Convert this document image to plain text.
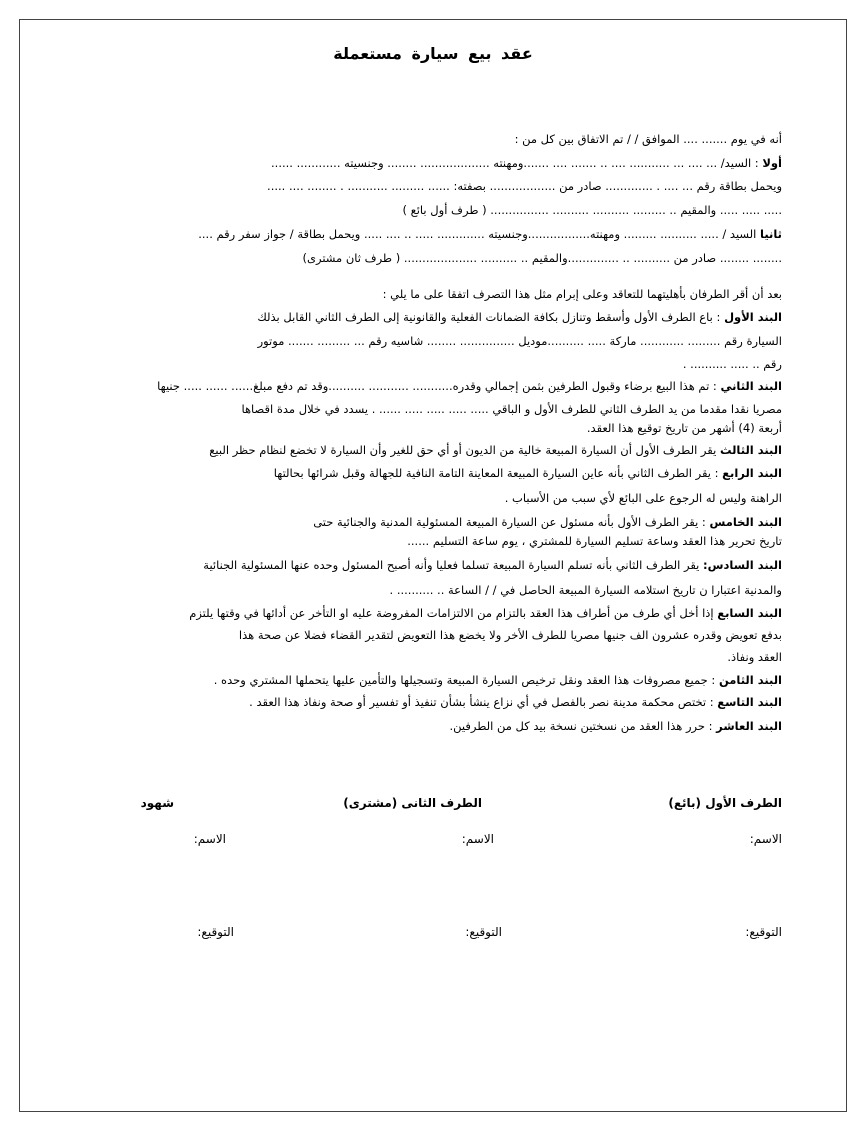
عقد بيع سيارة مستعملة
أنه في يوم ....... .... الموافق / / تم الاتفاق بين كل من :
أولا : السيد/ ... .... ... ........... .... .. ....... .... .......ومهنته ................... ........ وجنسيته ............ ......
ويحمل بطاقة رقم ... .... . ............. صادر من .................. بصفته: ...... ......... ........... . ........ .... .....
..... ..... ..... والمقيم .. ......... .......... .......... ................ ( طرف أول بائع )
ثانيا السيد / ..... .......... ......... ومهنته.................وجنسيته ............. ..... .. .... ..... ويحمل بطاقة / جواز سفر رقم ....
........ ........ صادر من .......... .. ..............والمقيم .. .......... .................... ( طرف ثان مشترى)
بعد أن أقر الطرفان بأهليتهما للتعاقد وعلى إبرام مثل هذا التصرف اتفقا على ما يلي :
البند الأول : باع الطرف الأول وأسقط وتنازل بكافة الضمانات الفعلية والقانونية إلى الطرف الثاني القابل بذلك
السيارة رقم ......... ............ ماركة ..... ..........موديل ............... ........ شاسيه رقم ... ......... ....... موتور
رقم .. ..... .......... .
البند الثاني : تم هذا البيع برضاء وقبول الطرفين بثمن إجمالي وقدره........... ........... ..........وقد تم دفع مبلغ...... ...... ..... جنيها
مصريا نقدا مقدما من يد الطرف الثاني للطرف الأول و الباقي ..... ..... ..... ..... ...... . يسدد في خلال مدة اقصاها
أربعة (4) أشهر من تاريخ توقيع هذا العقد.
البند الثالث يقر الطرف الأول أن السيارة المبيعة خالية من الديون أو أي حق للغير وأن السيارة لا تخضع لنظام حظر البيع
البند الرابع : يقر الطرف الثاني بأنه عاين السيارة المبيعة المعاينة التامة النافية للجهالة وقبل شرائها بحالتها
الراهنة وليس له الرجوع على البائع لأي سبب من الأسباب .
البند الخامس : يقر الطرف الأول بأنه مسئول عن السيارة المبيعة المسئولية المدنية والجنائية حتى
تاريخ تحرير هذا العقد وساعة تسليم السيارة للمشتري ، يوم ساعة التسليم ......
البند السادس: يقر الطرف الثاني بأنه تسلم السيارة المبيعة تسلما فعليا وأنه أصبح المسئول وحده عنها المسئولية الجنائية
والمدنية اعتبارا ن تاريخ استلامه السيارة المبيعة الحاصل في / / الساعة .. .......... .
البند السابع إذا أخل أي طرف من أطراف هذا العقد بالتزام من الالتزامات المفروضة عليه او التأخر عن أدائها في وقتها يلتزم
بدفع تعويض وقدره عشرون الف جنيها مصريا للطرف الأخر ولا يخضع هذا التعويض لتقدير القضاء فضلا عن صحة هذا
العقد ونفاذ.
البند الثامن : جميع مصروفات هذا العقد ونقل ترخيص السيارة المبيعة وتسجيلها والتأمين عليها يتحملها المشتري وحده .
البند التاسع : تختص محكمة مدينة نصر بالفصل في أي نزاع ينشأ بشأن تنفيذ أو تفسير أو صحة ونفاذ هذا العقد .
البند العاشر : حرر هذا العقد من نسختين نسخة بيد كل من الطرفين.
الطرف الأول (بائع)
الطرف الثانى (مشترى)
شهود
الاسم:
الاسم:
الاسم:
التوقيع:
التوقيع:
التوقيع:
